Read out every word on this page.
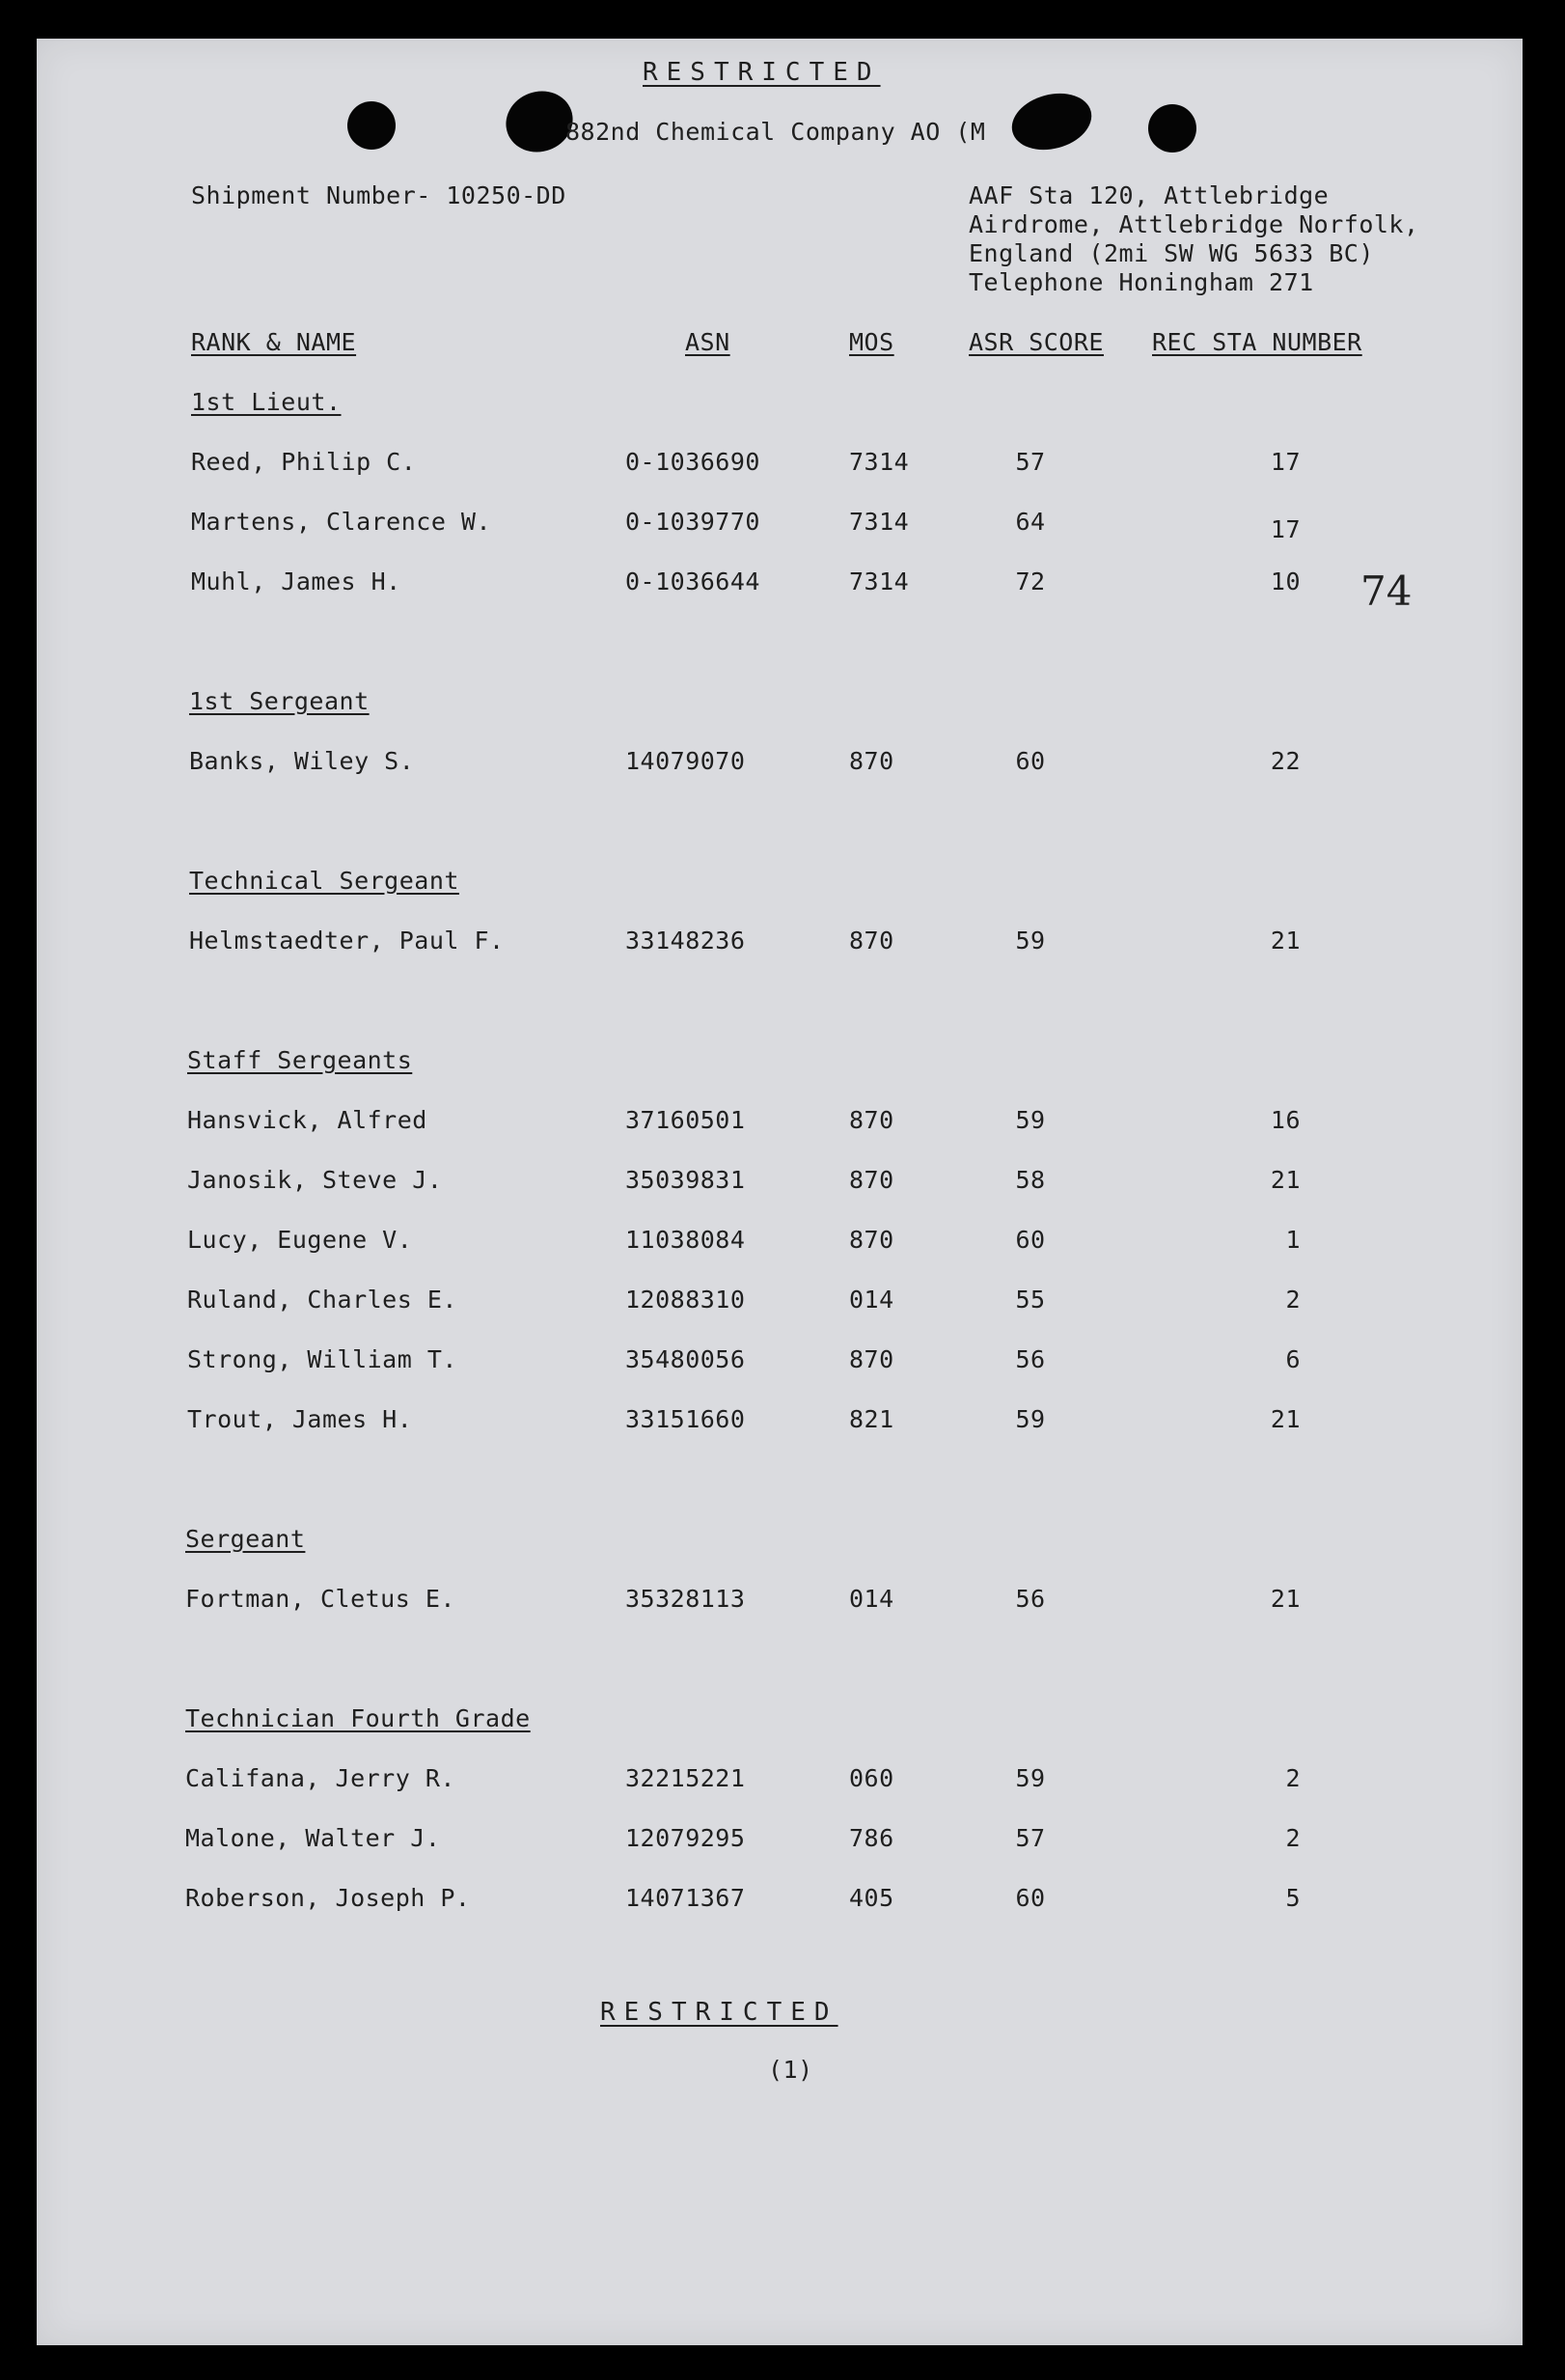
RESTRICTED
882nd Chemical Company AO (M
Shipment Number- 10250-DD	AAF Sta 120, Attlebridge
Airdrome, Attlebridge Norfolk,
England (2mi SW WG 5633 BC)
Telephone Honingham 271
RANK & NAME	ASN	MOS	ASR SCORE REC STA NUMBER
1st Lieut.
Reed, Philip C.	0-1036690	7314	57	17
Martens, Clarence W.	0-1039770	7314	64	17
Muhl, James H.	0-1036644	7314	72	10 74
1st Sergeant
Banks, Wiley S.	14079070	870	60	22
Technical Sergeant
Helmstaedter, Paul F.	33148236	870	59	21
Staff Sergeants
Hansvick, Alfred	37160501	870	59	16
Janosik, Steve J.	35039831	870	58	21
Lucy, Eugene V.	11038084	870	60	1
Ruland, Charles E.	12088310	014	55	2
Strong, William T.	35480056	870	56	6
Trout, James H.	33151660	821	59	21
Sergeant
Fortman, Cletus E.	35328113	014	56	21
Technician Fourth Grade
Califana, Jerry R.	32215221	060	59	2
Malone, Walter J.	12079295	786	57	2
Roberson, Joseph P.	14071367	405	60	5
RESTRICTED
(1)
